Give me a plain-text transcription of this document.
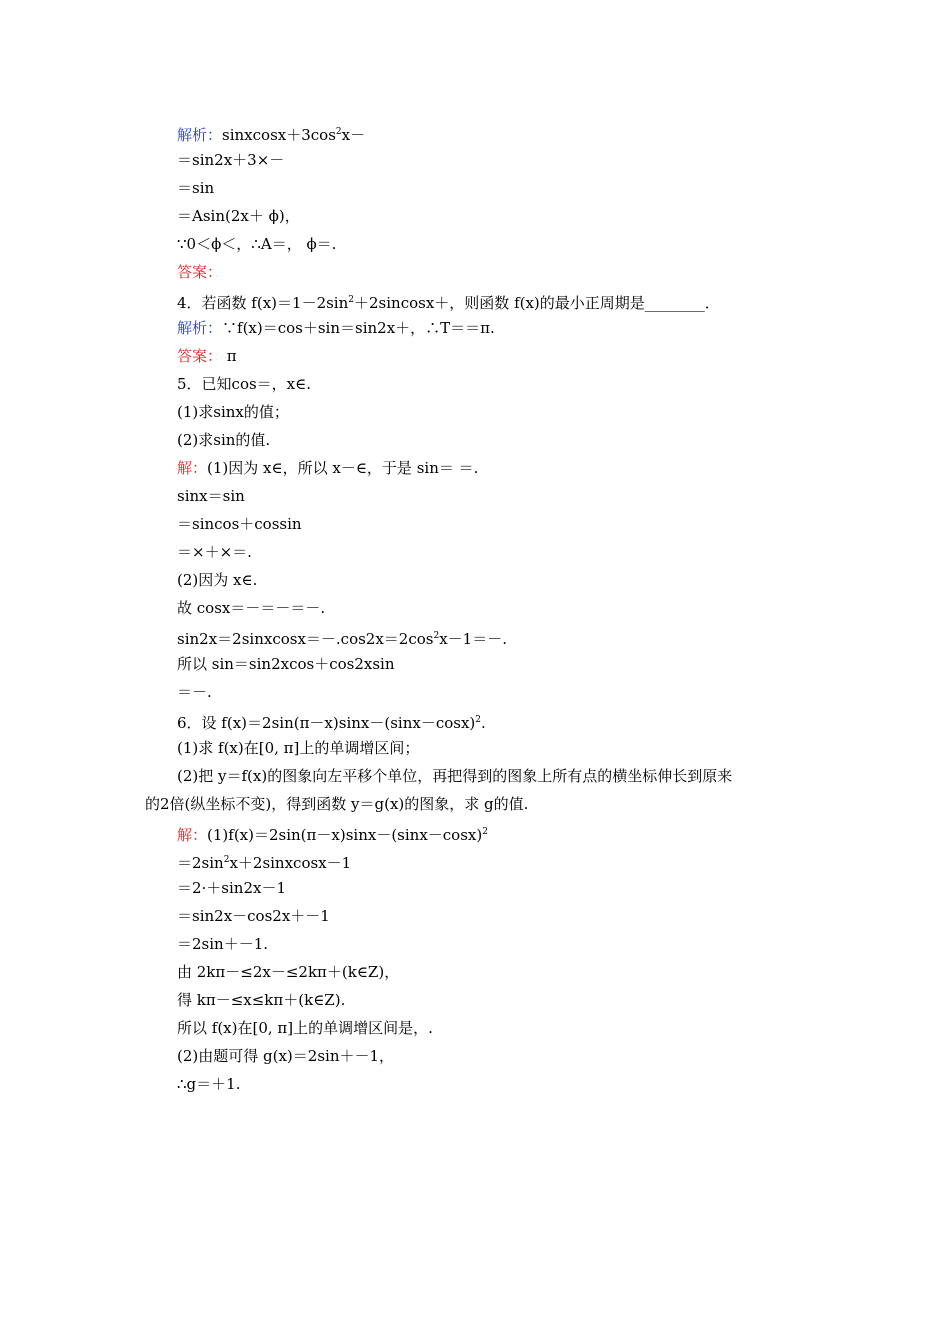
解析：$sinxcosx+3\cos^2x-$
＝sin2x＋3×－
＝sin
＝Asin(2x＋ ϕ)，
∵0＜ϕ＜，∴A＝， ϕ＝.
答案：
4．若函数 $f(x)=1-2\sin^2+2sincosx+$，则函数 f(x)的最小正周期是________．
解析：∵f(x)＝cos＋sin＝sin2x＋，∴T＝＝π.
答案： π
5．已知cos＝，x∈.
(1)求sinx的值；
(2)求sin的值.
解：(1)因为 x∈，所以 x－∈，于是 sin＝ ＝.
sinx＝sin
＝sincos＋cossin
＝×＋×＝.
(2)因为 x∈.
故 cosx＝－＝－＝－.
$\sin 2x=2sinxcosx=-.\cos 2x=2\cos^2x-1=-$.
所以 sin＝sin2xcos＋cos2xsin
＝－.
6．设 $f(x)=2\sin(\pi-x)\sin x-(\sin x-\cos x)^2$.
(1)求 f(x)在[0, π]上的单调增区间；
(2)把 y＝f(x)的图象向左平移个单位，再把得到的图象上所有点的横坐标伸长到原来
的2倍(纵坐标不变)，得到函数 y＝g(x)的图象，求 g的值.
解：$(1)f(x)=2\sin(\pi-x)\sin x-(\sin x-\cos x)^2$
$=2\sin^2x+2sinxcosx-1$
＝2·＋sin2x－1
＝sin2x－cos2x＋－1
＝2sin＋－1.
由 2kπ－≤2x－≤2kπ＋(k∈Z)，
得 kπ－≤x≤kπ＋(k∈Z).
所以 f(x)在[0, π]上的单调增区间是，.
(2)由题可得 g(x)＝2sin＋－1，
∴g＝＋1.
